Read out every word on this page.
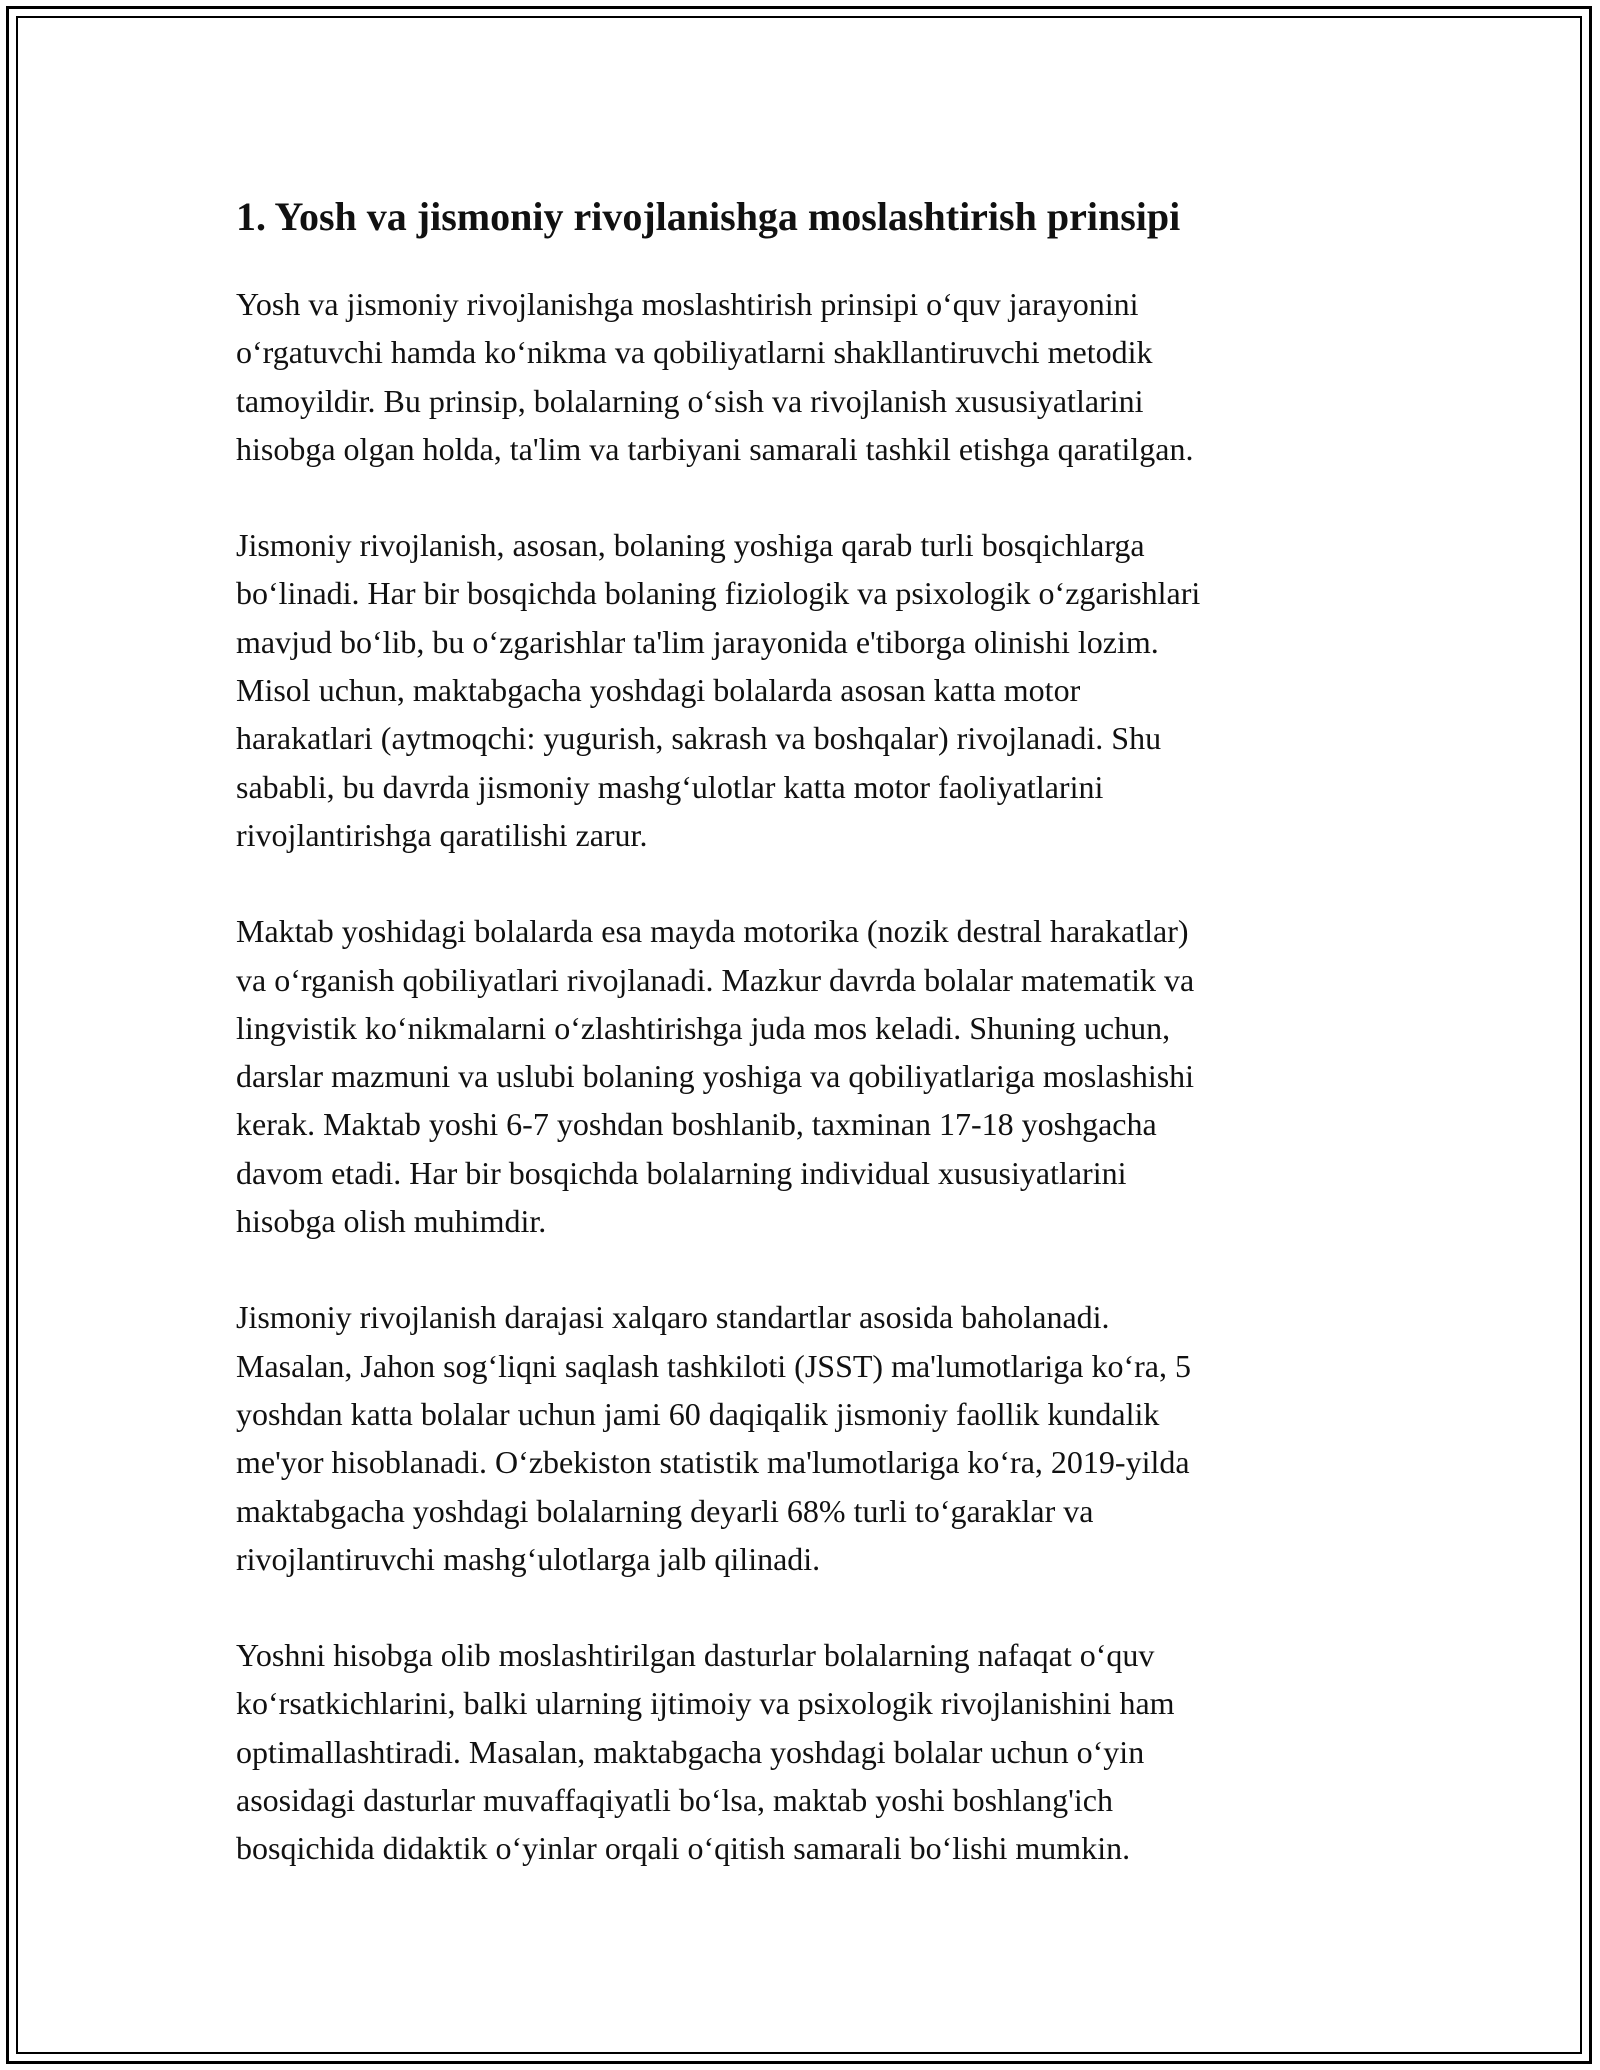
1. Yosh va jismoniy rivojlanishga moslashtirish prinsipi

Yosh va jismoniy rivojlanishga moslashtirish prinsipi oʻquv jarayonini
oʻrgatuvchi hamda koʻnikma va qobiliyatlarni shakllantiruvchi metodik
tamoyildir. Bu prinsip, bolalarning oʻsish va rivojlanish xususiyatlarini
hisobga olgan holda, ta'lim va tarbiyani samarali tashkil etishga qaratilgan.

Jismoniy rivojlanish, asosan, bolaning yoshiga qarab turli bosqichlarga
boʻlinadi. Har bir bosqichda bolaning fiziologik va psixologik oʻzgarishlari
mavjud boʻlib, bu oʻzgarishlar ta'lim jarayonida e'tiborga olinishi lozim.
Misol uchun, maktabgacha yoshdagi bolalarda asosan katta motor
harakatlari (aytmoqchi: yugurish, sakrash va boshqalar) rivojlanadi. Shu
sababli, bu davrda jismoniy mashgʻulotlar katta motor faoliyatlarini
rivojlantirishga qaratilishi zarur.

Maktab yoshidagi bolalarda esa mayda motorika (nozik destral harakatlar)
va oʻrganish qobiliyatlari rivojlanadi. Mazkur davrda bolalar matematik va
lingvistik koʻnikmalarni oʻzlashtirishga juda mos keladi. Shuning uchun,
darslar mazmuni va uslubi bolaning yoshiga va qobiliyatlariga moslashishi
kerak. Maktab yoshi 6-7 yoshdan boshlanib, taxminan 17-18 yoshgacha
davom etadi. Har bir bosqichda bolalarning individual xususiyatlarini
hisobga olish muhimdir.

Jismoniy rivojlanish darajasi xalqaro standartlar asosida baholanadi.
Masalan, Jahon sogʻliqni saqlash tashkiloti (JSST) ma'lumotlariga koʻra, 5
yoshdan katta bolalar uchun jami 60 daqiqalik jismoniy faollik kundalik
me'yor hisoblanadi. Oʻzbekiston statistik ma'lumotlariga koʻra, 2019-yilda
maktabgacha yoshdagi bolalarning deyarli 68% turli toʻgaraklar va
rivojlantiruvchi mashgʻulotlarga jalb qilinadi.

Yoshni hisobga olib moslashtirilgan dasturlar bolalarning nafaqat oʻquv
koʻrsatkichlarini, balki ularning ijtimoiy va psixologik rivojlanishini ham
optimallashtiradi. Masalan, maktabgacha yoshdagi bolalar uchun oʻyin
asosidagi dasturlar muvaffaqiyatli boʻlsa, maktab yoshi boshlang'ich
bosqichida didaktik oʻyinlar orqali oʻqitish samarali boʻlishi mumkin.
